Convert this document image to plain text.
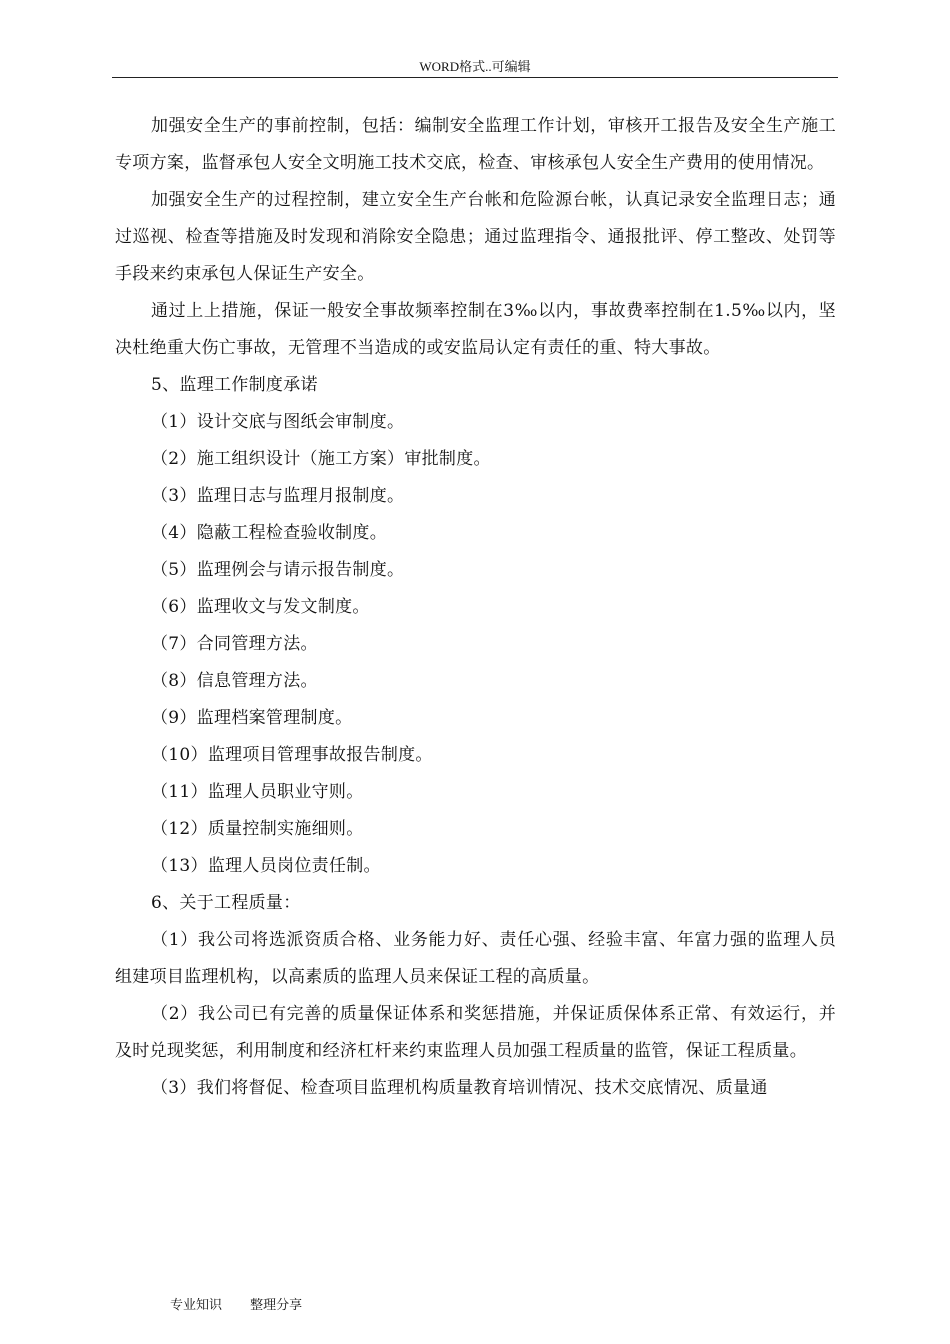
WORD格式..可编辑

加强安全生产的事前控制，包括：编制安全监理工作计划，审核开工报告及安全生产施工专项方案，监督承包人安全文明施工技术交底，检查、审核承包人安全生产费用的使用情况。

加强安全生产的过程控制，建立安全生产台帐和危险源台帐，认真记录安全监理日志；通过巡视、检查等措施及时发现和消除安全隐患；通过监理指令、通报批评、停工整改、处罚等手段来约束承包人保证生产安全。

通过上上措施，保证一般安全事故频率控制在3‰以内，事故费率控制在1.5‰以内，坚决杜绝重大伤亡事故，无管理不当造成的或安监局认定有责任的重、特大事故。

5、监理工作制度承诺

（1）设计交底与图纸会审制度。

（2）施工组织设计（施工方案）审批制度。

（3）监理日志与监理月报制度。

（4）隐蔽工程检查验收制度。

（5）监理例会与请示报告制度。

（6）监理收文与发文制度。

（7）合同管理方法。

（8）信息管理方法。

（9）监理档案管理制度。

（10）监理项目管理事故报告制度。

（11）监理人员职业守则。

（12）质量控制实施细则。

（13）监理人员岗位责任制。

6、关于工程质量：

（1）我公司将选派资质合格、业务能力好、责任心强、经验丰富、年富力强的监理人员组建项目监理机构，以高素质的监理人员来保证工程的高质量。

（2）我公司已有完善的质量保证体系和奖惩措施，并保证质保体系正常、有效运行，并及时兑现奖惩，利用制度和经济杠杆来约束监理人员加强工程质量的监管，保证工程质量。

（3）我们将督促、检查项目监理机构质量教育培训情况、技术交底情况、质量通

专业知识 整理分享
